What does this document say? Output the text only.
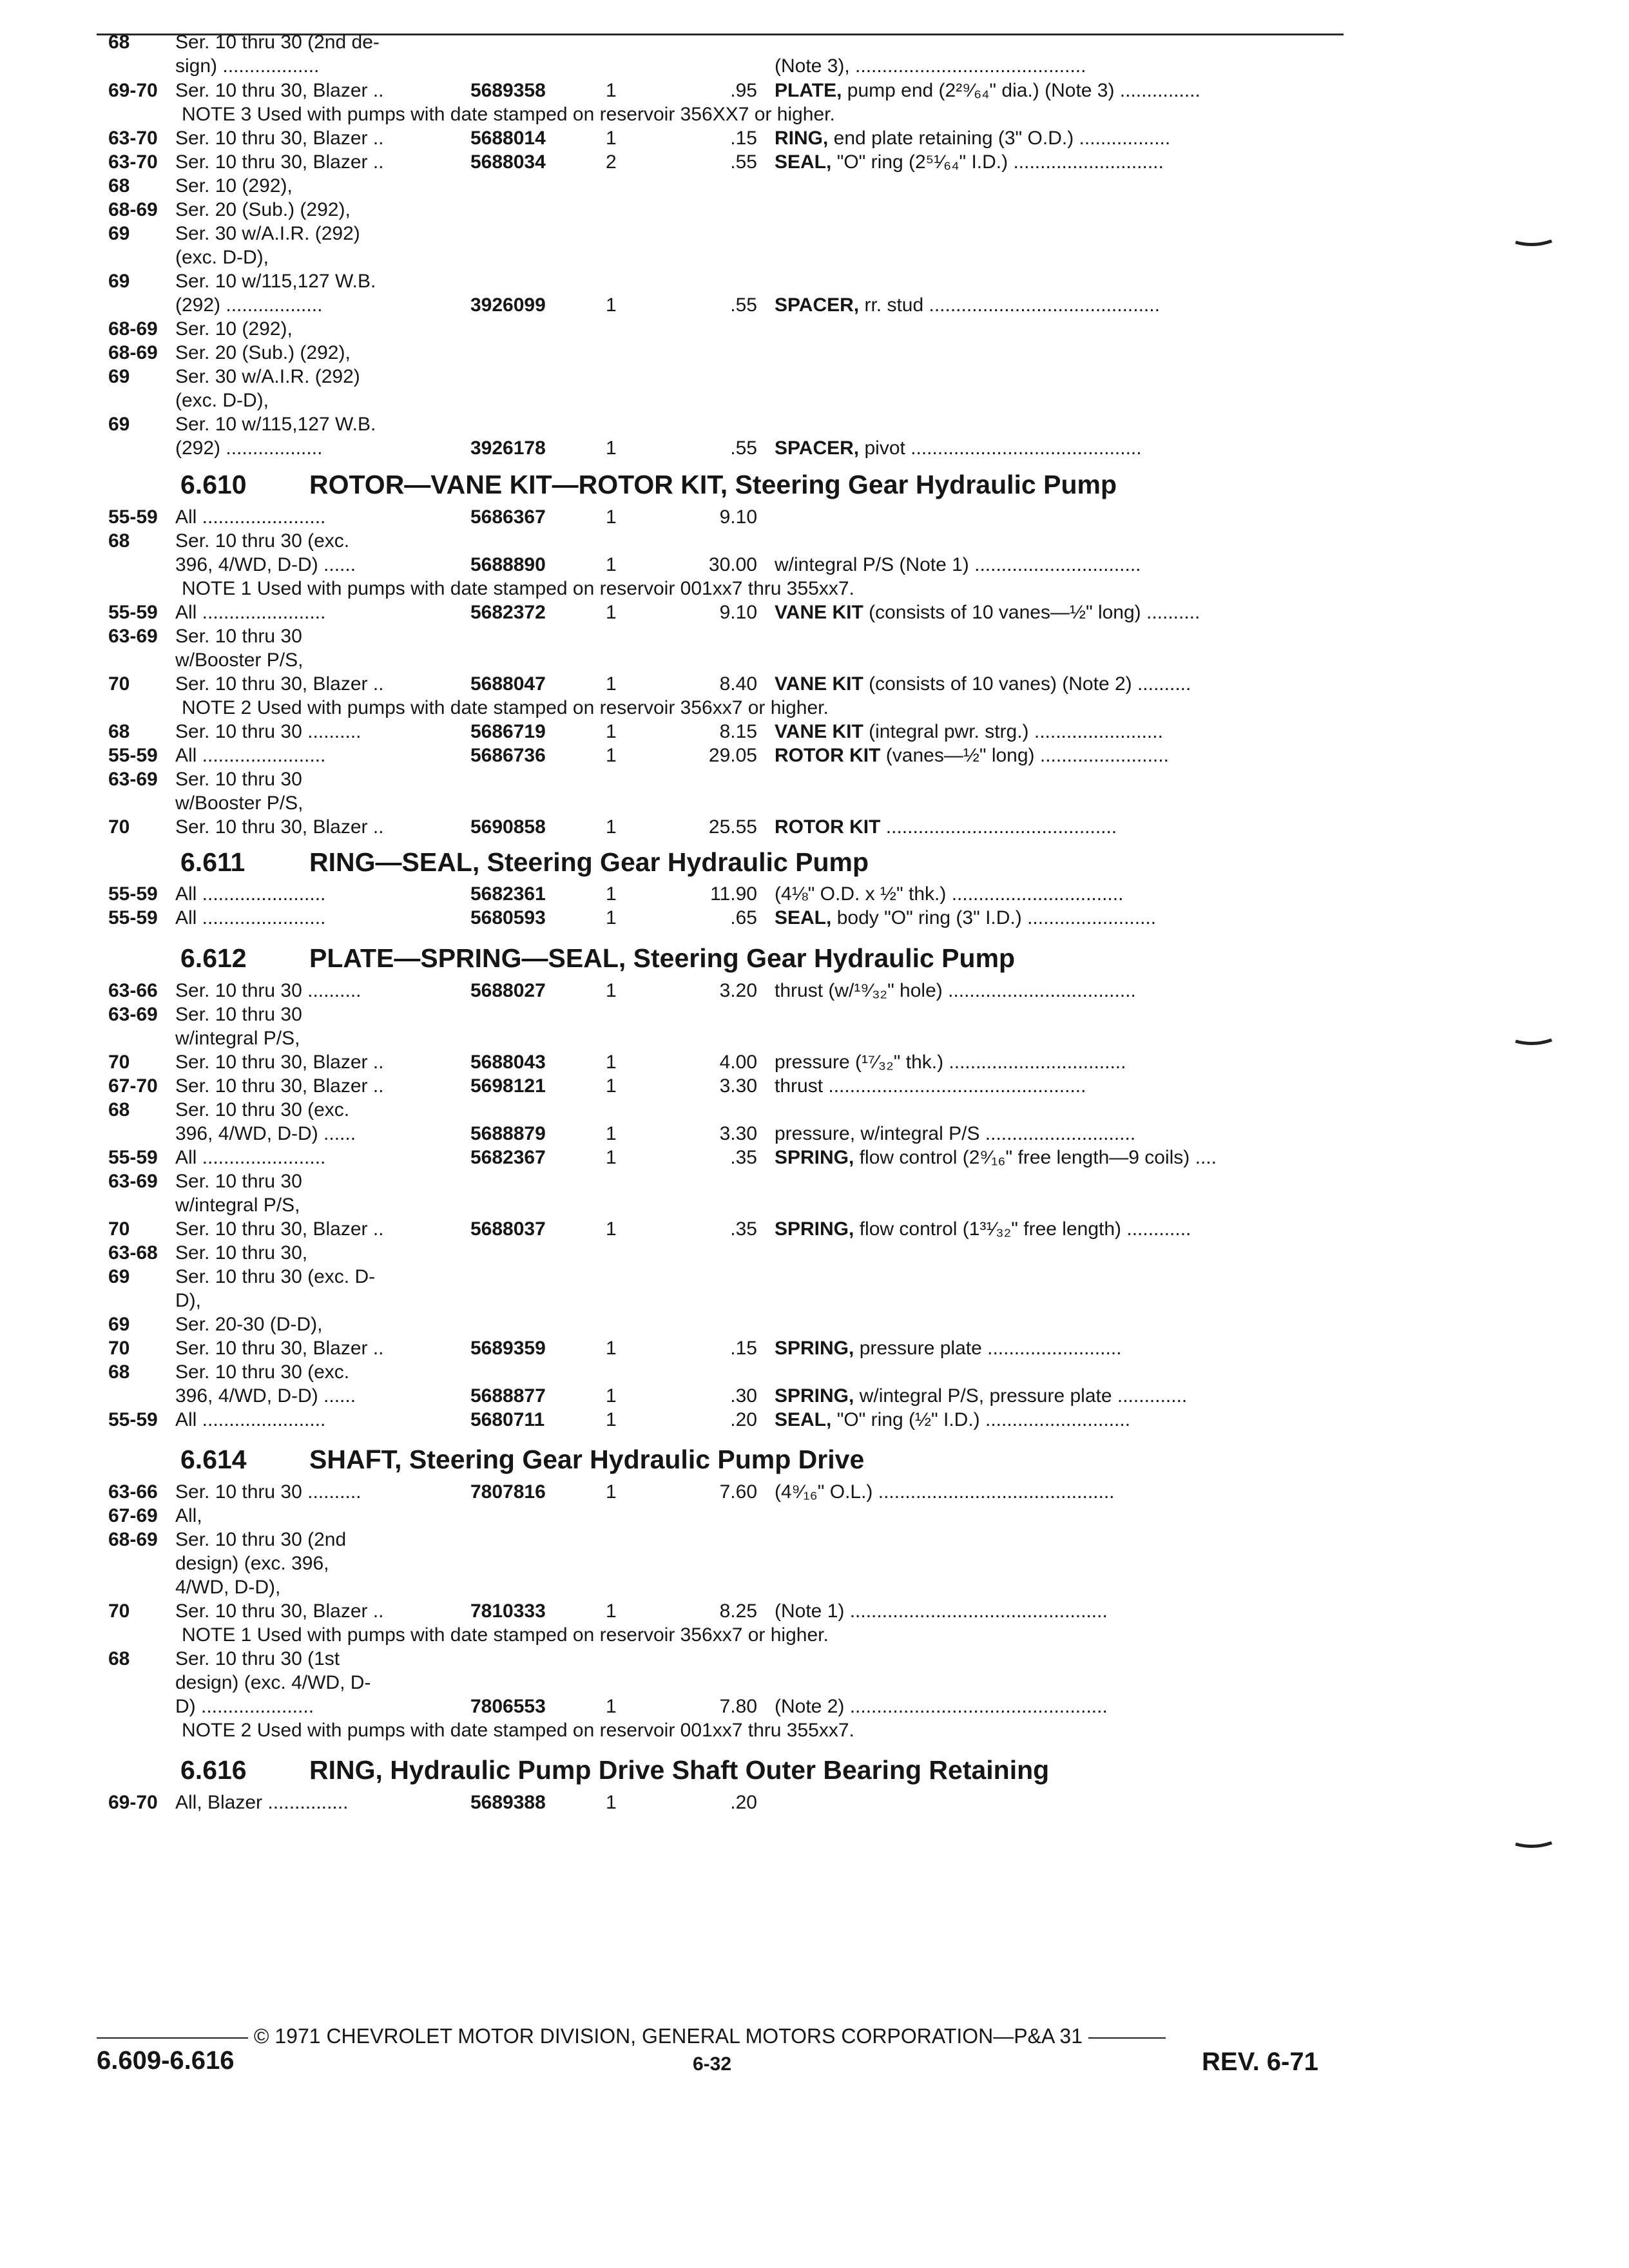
68 Ser. 10 thru 30 (2nd de-
sign) ..................	(Note 3), ...........................................
69-70 Ser. 10 thru 30, Blazer ..	5689358	1	.95 PLATE, pump end (2²⁹⁄₆₄" dia.) (Note 3) ...............
NOTE 3 Used with pumps with date stamped on reservoir 356XX7 or higher.
63-70 Ser. 10 thru 30, Blazer ..	5688014	1	.15 RING, end plate retaining (3" O.D.) .................
63-70 Ser. 10 thru 30, Blazer ..	5688034	2	.55 SEAL, "O" ring (2⁵¹⁄₆₄" I.D.) ............................
68 Ser. 10 (292),
68-69 Ser. 20 (Sub.) (292),
69 Ser. 30 w/A.I.R. (292)
(exc. D-D),
69 Ser. 10 w/115,127 W.B.
(292) ..................	3926099	1	.55 SPACER, rr. stud ...........................................
68-69 Ser. 10 (292),
68-69 Ser. 20 (Sub.) (292),
69 Ser. 30 w/A.I.R. (292)
(exc. D-D),
69 Ser. 10 w/115,127 W.B.
(292) ..................	3926178	1	.55 SPACER, pivot ...........................................
6.610 ROTOR—VANE KIT—ROTOR KIT, Steering Gear Hydraulic Pump
55-59 All .......................	5686367	1	9.10
68 Ser. 10 thru 30 (exc.
396, 4/WD, D-D) ......	5688890	1	30.00 w/integral P/S (Note 1) ...............................
NOTE 1 Used with pumps with date stamped on reservoir 001xx7 thru 355xx7.
55-59 All .......................	5682372	1	9.10 VANE KIT (consists of 10 vanes—½" long) ..........
63-69 Ser. 10 thru 30
w/Booster P/S,
70 Ser. 10 thru 30, Blazer ..	5688047	1	8.40 VANE KIT (consists of 10 vanes) (Note 2) ..........
NOTE 2 Used with pumps with date stamped on reservoir 356xx7 or higher.
68 Ser. 10 thru 30 ..........	5686719	1	8.15 VANE KIT (integral pwr. strg.) ........................
55-59 All .......................	5686736	1	29.05 ROTOR KIT (vanes—½" long) ........................
63-69 Ser. 10 thru 30
w/Booster P/S,
70 Ser. 10 thru 30, Blazer ..	5690858	1	25.55 ROTOR KIT ...........................................
6.611 RING—SEAL, Steering Gear Hydraulic Pump
55-59 All .......................	5682361	1	11.90 (4⅛" O.D. x ½" thk.) ................................
55-59 All .......................	5680593	1	.65 SEAL, body "O" ring (3" I.D.) ........................
6.612 PLATE—SPRING—SEAL, Steering Gear Hydraulic Pump
63-66 Ser. 10 thru 30 ..........	5688027	1	3.20 thrust (w/¹⁹⁄₃₂" hole) ...................................
63-69 Ser. 10 thru 30
w/integral P/S,
70 Ser. 10 thru 30, Blazer ..	5688043	1	4.00 pressure (¹⁷⁄₃₂" thk.) .................................
67-70 Ser. 10 thru 30, Blazer ..	5698121	1	3.30 thrust ................................................
68 Ser. 10 thru 30 (exc.
396, 4/WD, D-D) ......	5688879	1	3.30 pressure, w/integral P/S ............................
55-59 All .......................	5682367	1	.35 SPRING, flow control (2⁹⁄₁₆" free length—9 coils) ....
63-69 Ser. 10 thru 30
w/integral P/S,
70 Ser. 10 thru 30, Blazer ..	5688037	1	.35 SPRING, flow control (1³¹⁄₃₂" free length) ............
63-68 Ser. 10 thru 30,
69 Ser. 10 thru 30 (exc. D-
D),
69 Ser. 20-30 (D-D),
70 Ser. 10 thru 30, Blazer ..	5689359	1	.15 SPRING, pressure plate .........................
68 Ser. 10 thru 30 (exc.
396, 4/WD, D-D) ......	5688877	1	.30 SPRING, w/integral P/S, pressure plate .............
55-59 All .......................	5680711	1	.20 SEAL, "O" ring (½" I.D.) ...........................
6.614 SHAFT, Steering Gear Hydraulic Pump Drive
63-66 Ser. 10 thru 30 ..........	7807816	1	7.60 (4⁹⁄₁₆" O.L.) ............................................
67-69 All,
68-69 Ser. 10 thru 30 (2nd
design) (exc. 396,
4/WD, D-D),
70 Ser. 10 thru 30, Blazer ..	7810333	1	8.25 (Note 1) ................................................
NOTE 1 Used with pumps with date stamped on reservoir 356xx7 or higher.
68 Ser. 10 thru 30 (1st
design) (exc. 4/WD, D-
D) .....................	7806553	1	7.80 (Note 2) ................................................
NOTE 2 Used with pumps with date stamped on reservoir 001xx7 thru 355xx7.
6.616 RING, Hydraulic Pump Drive Shaft Outer Bearing Retaining
69-70 All, Blazer ...............	5689388	1	.20
© 1971 CHEVROLET MOTOR DIVISION, GENERAL MOTORS CORPORATION—P&A 31
6.609-6.616	6-32	REV. 6-71
